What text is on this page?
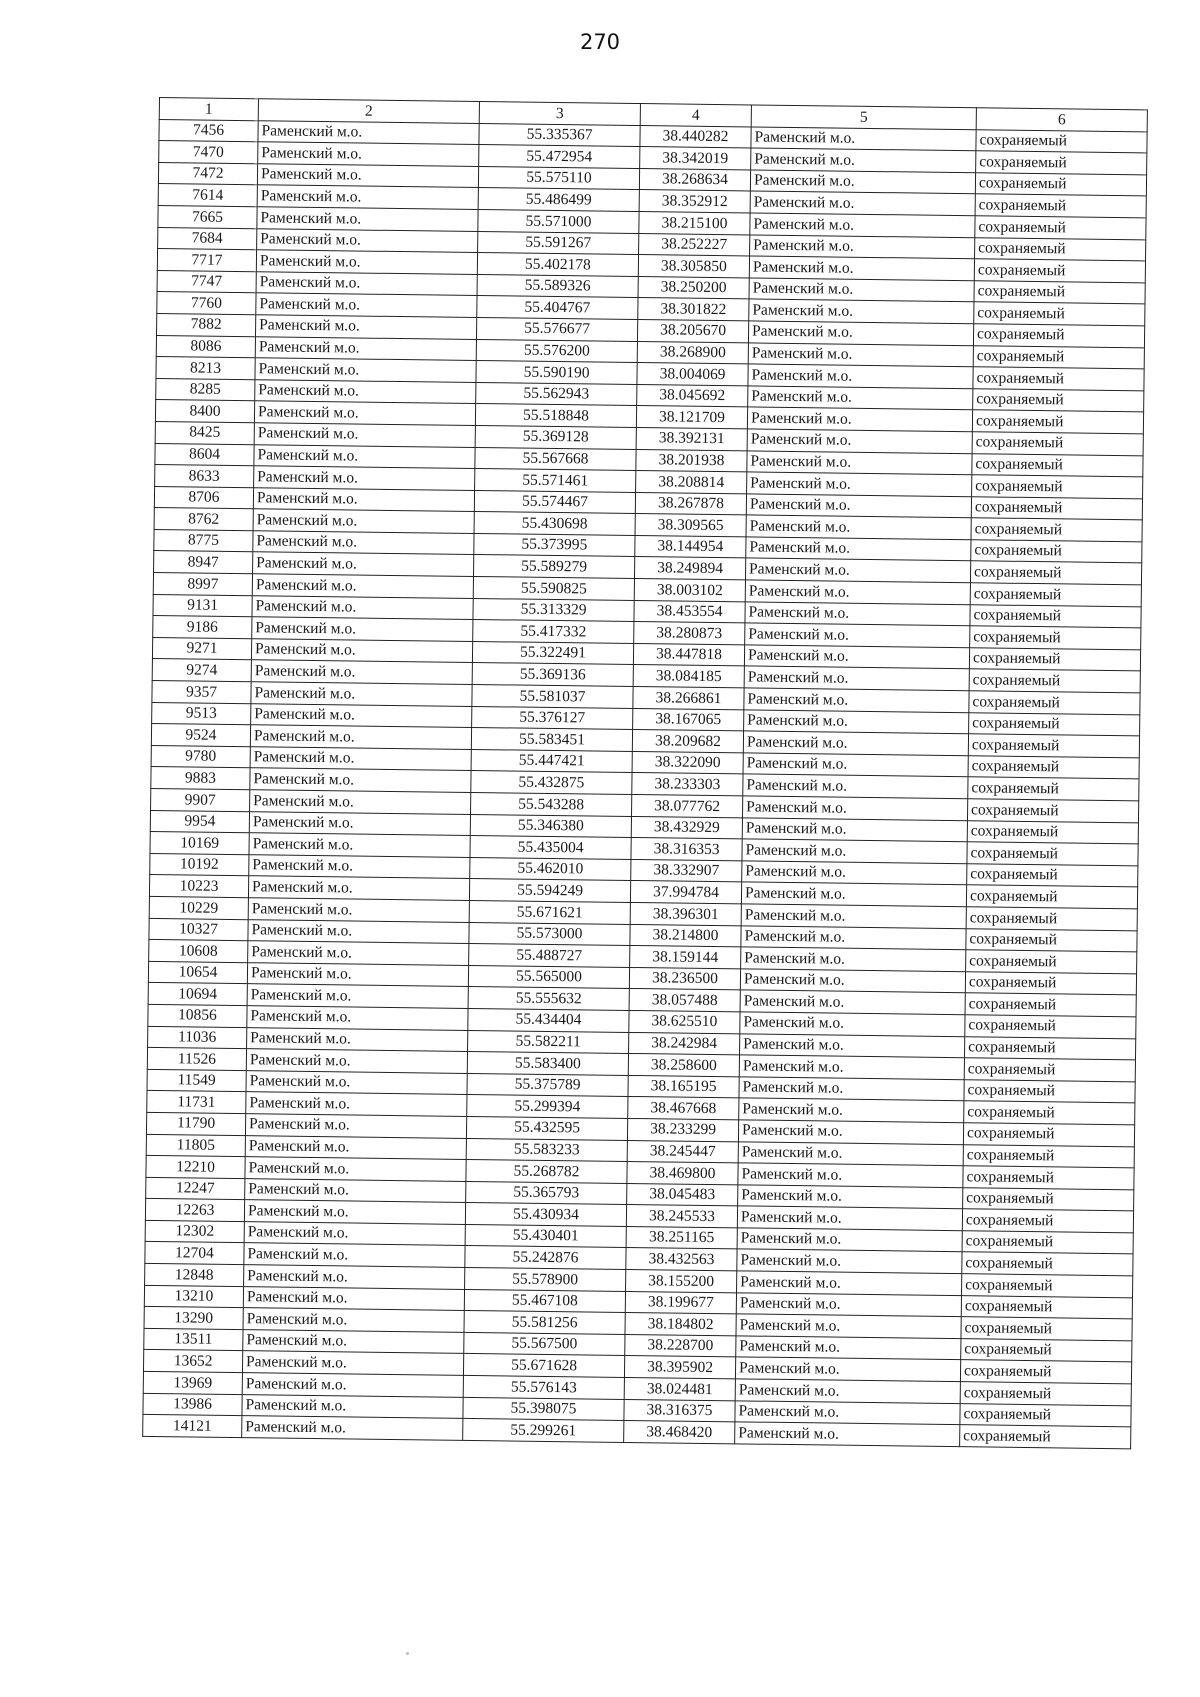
270
1	2	3	4	5	6
7456	Раменский м.о.	55.335367	38.440282	Раменский м.о.	сохраняемый
7470	Раменский м.о.	55.472954	38.342019	Раменский м.о.	сохраняемый
7472	Раменский м.о.	55.575110	38.268634	Раменский м.о.	сохраняемый
7614	Раменский м.о.	55.486499	38.352912	Раменский м.о.	сохраняемый
7665	Раменский м.о.	55.571000	38.215100	Раменский м.о.	сохраняемый
7684	Раменский м.о.	55.591267	38.252227	Раменский м.о.	сохраняемый
7717	Раменский м.о.	55.402178	38.305850	Раменский м.о.	сохраняемый
7747	Раменский м.о.	55.589326	38.250200	Раменский м.о.	сохраняемый
7760	Раменский м.о.	55.404767	38.301822	Раменский м.о.	сохраняемый
7882	Раменский м.о.	55.576677	38.205670	Раменский м.о.	сохраняемый
8086	Раменский м.о.	55.576200	38.268900	Раменский м.о.	сохраняемый
8213	Раменский м.о.	55.590190	38.004069	Раменский м.о.	сохраняемый
8285	Раменский м.о.	55.562943	38.045692	Раменский м.о.	сохраняемый
8400	Раменский м.о.	55.518848	38.121709	Раменский м.о.	сохраняемый
8425	Раменский м.о.	55.369128	38.392131	Раменский м.о.	сохраняемый
8604	Раменский м.о.	55.567668	38.201938	Раменский м.о.	сохраняемый
8633	Раменский м.о.	55.571461	38.208814	Раменский м.о.	сохраняемый
8706	Раменский м.о.	55.574467	38.267878	Раменский м.о.	сохраняемый
8762	Раменский м.о.	55.430698	38.309565	Раменский м.о.	сохраняемый
8775	Раменский м.о.	55.373995	38.144954	Раменский м.о.	сохраняемый
8947	Раменский м.о.	55.589279	38.249894	Раменский м.о.	сохраняемый
8997	Раменский м.о.	55.590825	38.003102	Раменский м.о.	сохраняемый
9131	Раменский м.о.	55.313329	38.453554	Раменский м.о.	сохраняемый
9186	Раменский м.о.	55.417332	38.280873	Раменский м.о.	сохраняемый
9271	Раменский м.о.	55.322491	38.447818	Раменский м.о.	сохраняемый
9274	Раменский м.о.	55.369136	38.084185	Раменский м.о.	сохраняемый
9357	Раменский м.о.	55.581037	38.266861	Раменский м.о.	сохраняемый
9513	Раменский м.о.	55.376127	38.167065	Раменский м.о.	сохраняемый
9524	Раменский м.о.	55.583451	38.209682	Раменский м.о.	сохраняемый
9780	Раменский м.о.	55.447421	38.322090	Раменский м.о.	сохраняемый
9883	Раменский м.о.	55.432875	38.233303	Раменский м.о.	сохраняемый
9907	Раменский м.о.	55.543288	38.077762	Раменский м.о.	сохраняемый
9954	Раменский м.о.	55.346380	38.432929	Раменский м.о.	сохраняемый
10169	Раменский м.о.	55.435004	38.316353	Раменский м.о.	сохраняемый
10192	Раменский м.о.	55.462010	38.332907	Раменский м.о.	сохраняемый
10223	Раменский м.о.	55.594249	37.994784	Раменский м.о.	сохраняемый
10229	Раменский м.о.	55.671621	38.396301	Раменский м.о.	сохраняемый
10327	Раменский м.о.	55.573000	38.214800	Раменский м.о.	сохраняемый
10608	Раменский м.о.	55.488727	38.159144	Раменский м.о.	сохраняемый
10654	Раменский м.о.	55.565000	38.236500	Раменский м.о.	сохраняемый
10694	Раменский м.о.	55.555632	38.057488	Раменский м.о.	сохраняемый
10856	Раменский м.о.	55.434404	38.625510	Раменский м.о.	сохраняемый
11036	Раменский м.о.	55.582211	38.242984	Раменский м.о.	сохраняемый
11526	Раменский м.о.	55.583400	38.258600	Раменский м.о.	сохраняемый
11549	Раменский м.о.	55.375789	38.165195	Раменский м.о.	сохраняемый
11731	Раменский м.о.	55.299394	38.467668	Раменский м.о.	сохраняемый
11790	Раменский м.о.	55.432595	38.233299	Раменский м.о.	сохраняемый
11805	Раменский м.о.	55.583233	38.245447	Раменский м.о.	сохраняемый
12210	Раменский м.о.	55.268782	38.469800	Раменский м.о.	сохраняемый
12247	Раменский м.о.	55.365793	38.045483	Раменский м.о.	сохраняемый
12263	Раменский м.о.	55.430934	38.245533	Раменский м.о.	сохраняемый
12302	Раменский м.о.	55.430401	38.251165	Раменский м.о.	сохраняемый
12704	Раменский м.о.	55.242876	38.432563	Раменский м.о.	сохраняемый
12848	Раменский м.о.	55.578900	38.155200	Раменский м.о.	сохраняемый
13210	Раменский м.о.	55.467108	38.199677	Раменский м.о.	сохраняемый
13290	Раменский м.о.	55.581256	38.184802	Раменский м.о.	сохраняемый
13511	Раменский м.о.	55.567500	38.228700	Раменский м.о.	сохраняемый
13652	Раменский м.о.	55.671628	38.395902	Раменский м.о.	сохраняемый
13969	Раменский м.о.	55.576143	38.024481	Раменский м.о.	сохраняемый
13986	Раменский м.о.	55.398075	38.316375	Раменский м.о.	сохраняемый
14121	Раменский м.о.	55.299261	38.468420	Раменский м.о.	сохраняемый
